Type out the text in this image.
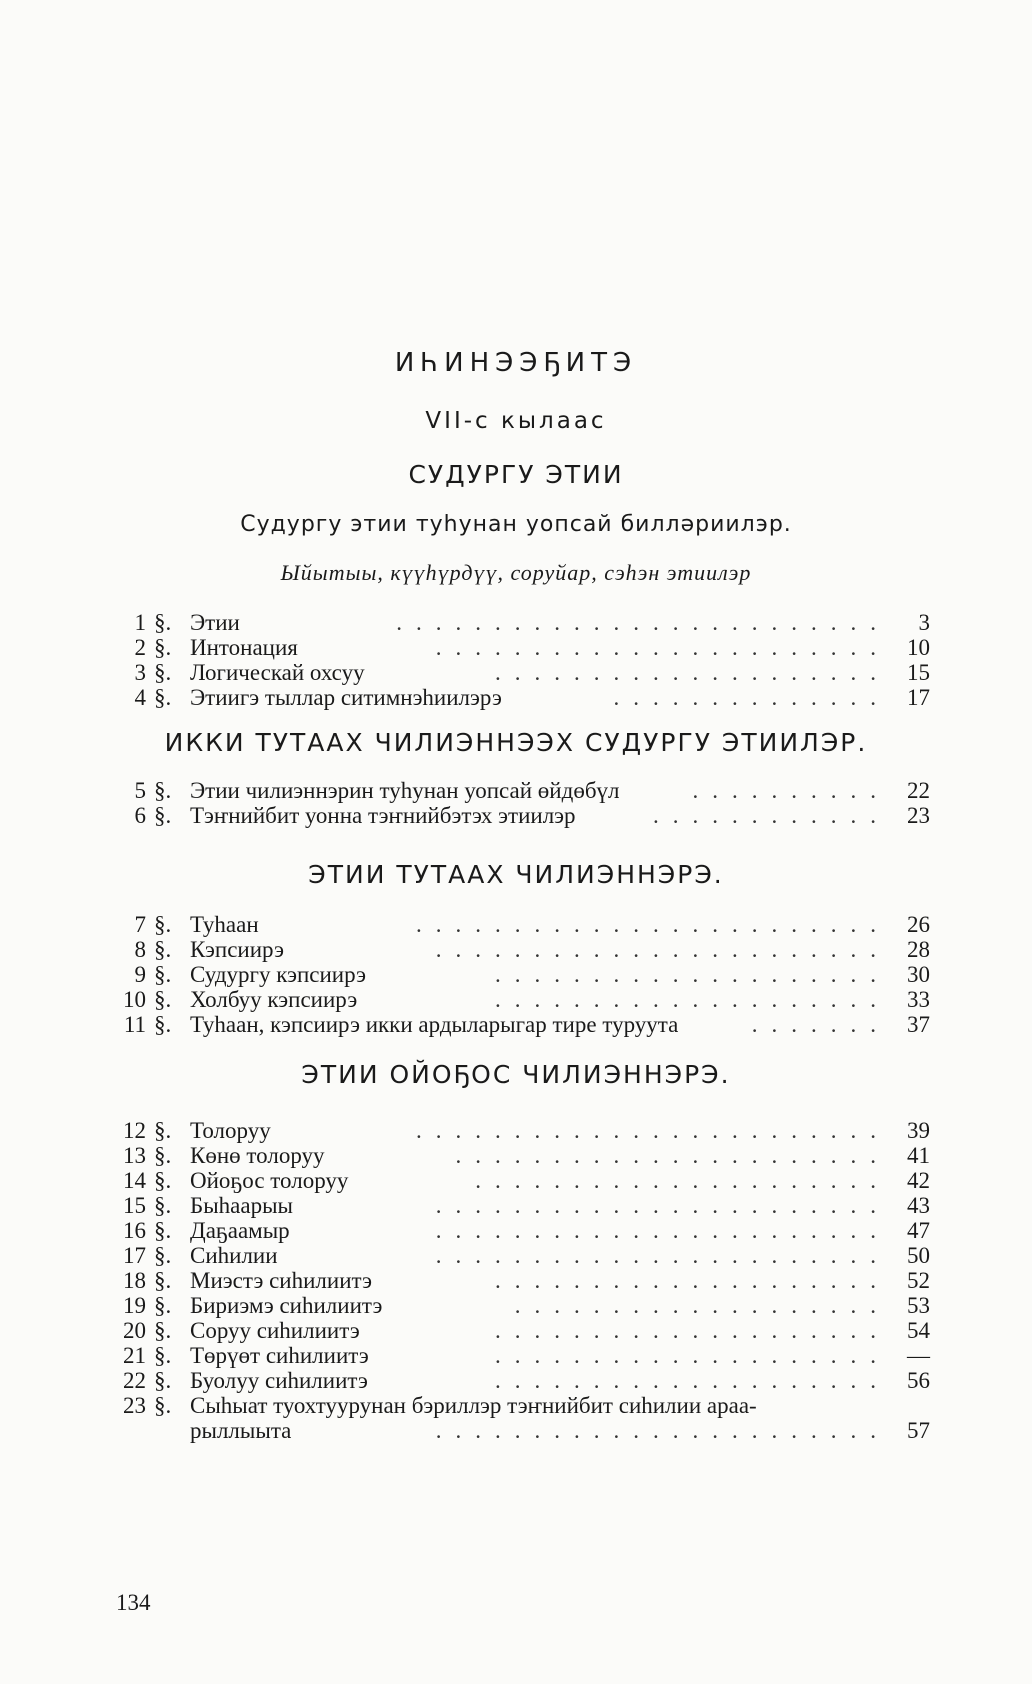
ИҺИНЭЭҔИТЭ
VII-с кылаас
СУДУРГУ ЭТИИ
Судургу этии туһунан уопсай билләриилэр.
Ыйытыы, күүһүрдүү, соруйар, сэһэн этиилэр
1 §. Этии	3
.........................
2 §. Интонация	10
.......................
3 §. Логическай охсуу	15
....................
4 §. Этиигэ тыллар ситимнэһиилэрэ	17
..............
ИККИ ТУТААХ ЧИЛИЭННЭЭХ СУДУРГУ ЭТИИЛЭР.
5 §. Этии чилиэннэрин туһунан уопсай өйдөбүл	22
..........
6 §. Тэҥнийбит уонна тэҥнийбэтэх этиилэр	23
............
ЭТИИ ТУТААХ ЧИЛИЭННЭРЭ.
7 §. Туһаан	26
........................
8 §. Кэпсиирэ	28
.......................
9 §. Судургу кэпсиирэ	30
....................
10 §. Холбуу кэпсиирэ	33
....................
11 §. Туһаан, кэпсиирэ икки ардыларыгар тире туруута	37
.......
ЭТИИ ОЙОҔОС ЧИЛИЭННЭРЭ.
12 §. Толоруу	39
........................
13 §. Көнө толоруу	41
......................
14 §. Ойоҕос толоруу	42
.....................
15 §. Быһаарыы	43
.......................
16 §. Даҕаамыр	47
.......................
17 §. Сиһилии	50
.......................
18 §. Миэстэ сиһилиитэ	52
....................
19 §. Бириэмэ сиһилиитэ	53
...................
20 §. Соруу сиһилиитэ	54
....................
21 §. Төрүөт сиһилиитэ	—
....................
22 §. Буолуу сиһилиитэ	56
....................
23 §. Сыһыат туохтуурунан бэриллэр тэҥнийбит сиһилии араа-
рыллыыта	57
.......................
134
